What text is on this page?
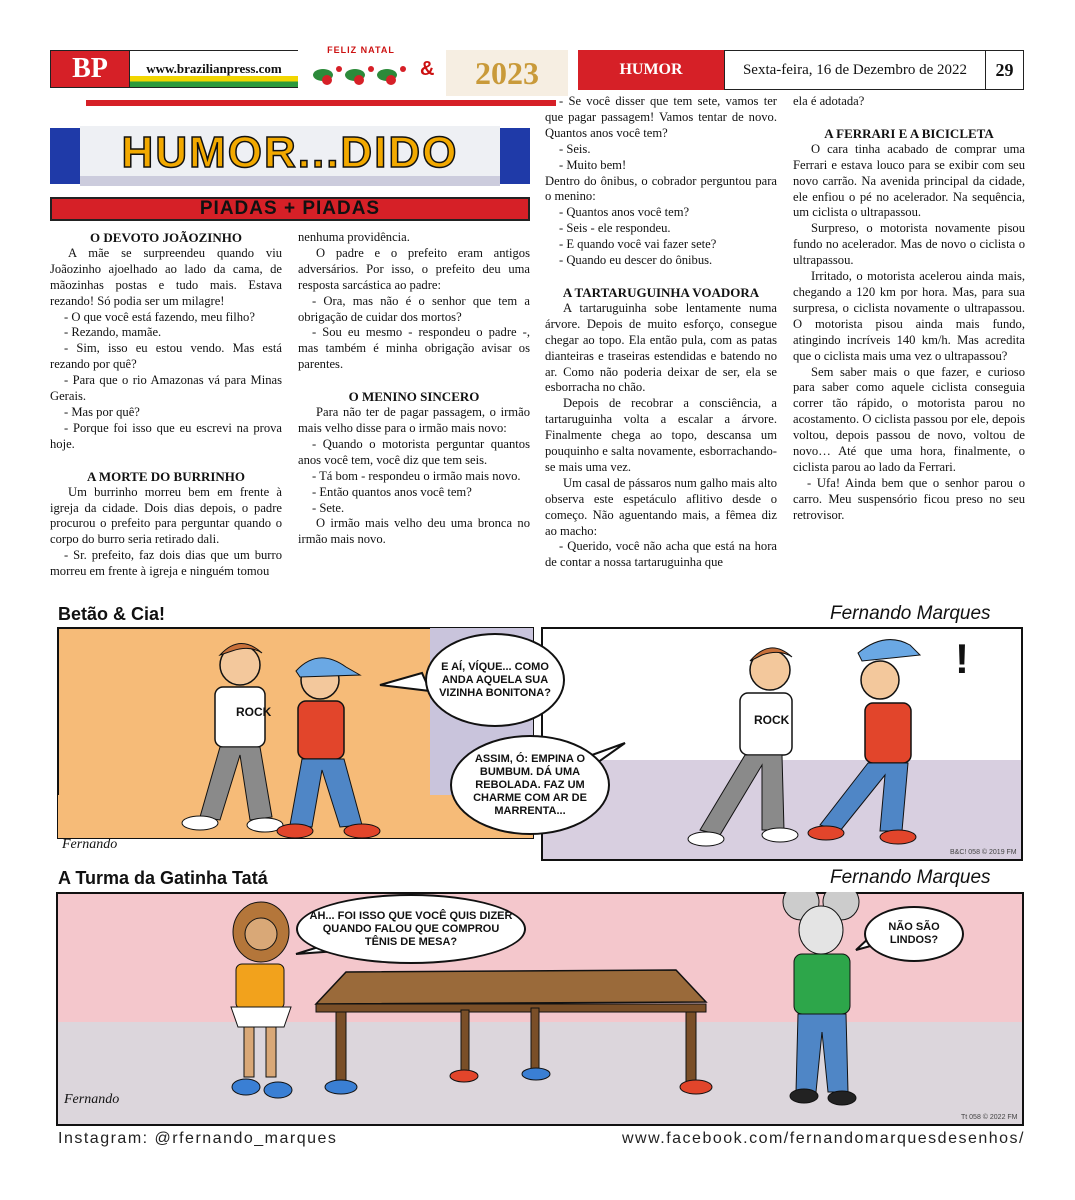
BP	www.brazilianpress.com
FELIZ NATAL
& 2023	HUMOR	Sexta-feira, 16 de Dezembro de 2022 29
HUMOR...DIDO
PIADAS + PIADAS
O DEVOTO JOÃOZINHO

A mãe se surpreendeu quando viu Joãozinho ajoelhado ao lado da cama, de mãozinhas postas e tudo mais. Estava rezando! Só podia ser um milagre!

- O que você está fazendo, meu filho?

- Rezando, mamãe.

- Sim, isso eu estou vendo. Mas está rezando por quê?

- Para que o rio Amazonas vá para Minas Gerais.

- Mas por quê?

- Porque foi isso que eu escrevi na prova hoje.

A MORTE DO BURRINHO

Um burrinho morreu bem em frente à igreja da cidade. Dois dias depois, o padre procurou o prefeito para perguntar quando o corpo do burro seria retirado dali.

- Sr. prefeito, faz dois dias que um burro morreu em frente à igreja e ninguém tomou

nenhuma providência.

O padre e o prefeito eram antigos adversários. Por isso, o prefeito deu uma resposta sarcástica ao padre:

- Ora, mas não é o senhor que tem a obrigação de cuidar dos mortos?

- Sou eu mesmo - respondeu o padre -, mas também é minha obrigação avisar os parentes.

O MENINO SINCERO

Para não ter de pagar passagem, o irmão mais velho disse para o irmão mais novo:

- Quando o motorista perguntar quantos anos você tem, você diz que tem seis.

- Tá bom - respondeu o irmão mais novo.

- Então quantos anos você tem?

- Sete.

O irmão mais velho deu uma bronca no irmão mais novo.

- Se você disser que tem sete, vamos ter que pagar passagem! Vamos tentar de novo. Quantos anos você tem?

- Seis.

- Muito bem!

Dentro do ônibus, o cobrador perguntou para o menino:

- Quantos anos você tem?

- Seis - ele respondeu.

- E quando você vai fazer sete?

- Quando eu descer do ônibus.

A TARTARUGUINHA VOADORA

A tartaruguinha sobe lentamente numa árvore. Depois de muito esforço, consegue chegar ao topo. Ela então pula, com as patas dianteiras e traseiras estendidas e batendo no ar. Como não poderia deixar de ser, ela se esborracha no chão.

Depois de recobrar a consciência, a tartaruguinha volta a escalar a árvore. Finalmente chega ao topo, descansa um pouquinho e salta novamente, esborrachando-se mais uma vez.

Um casal de pássaros num galho mais alto observa este espetáculo aflitivo desde o começo. Não aguentando mais, a fêmea diz ao macho:

- Querido, você não acha que está na hora de contar a nossa tartaruguinha que

ela é adotada?

A FERRARI E A BICICLETA

O cara tinha acabado de comprar uma Ferrari e estava louco para se exibir com seu novo carrão. Na avenida principal da cidade, ele enfiou o pé no acelerador. Na sequência, um ciclista o ultrapassou.

Surpreso, o motorista novamente pisou fundo no acelerador. Mas de novo o ciclista o ultrapassou.

Irritado, o motorista acelerou ainda mais, chegando a 120 km por hora. Mas, para sua surpresa, o ciclista novamente o ultrapassou. O motorista pisou ainda mais fundo, atingindo incríveis 140 km/h. Mas acredita que o ciclista mais uma vez o ultrapassou?

Sem saber mais o que fazer, e curioso para saber como aquele ciclista conseguia correr tão rápido, o motorista parou no acostamento. O ciclista passou por ele, depois voltou, depois passou de novo, voltou de novo… Até que uma hora, finalmente, o ciclista parou ao lado da Ferrari.

- Ufa! Ainda bem que o senhor parou o carro. Meu suspensório ficou preso no seu retrovisor.

Betão & Cia!	Fernando Marques
ROCK
ROCK
!
E AÍ, VÍQUE... COMO ANDA AQUELA SUA VIZINHA BONITONA?
ASSIM, Ó: EMPINA O BUMBUM. DÁ UMA REBOLADA. FAZ UM CHARME COM AR DE MARRENTA...
Fernando
B&C! 058 © 2019 FM
A Turma da Gatinha Tatá	Fernando Marques
AH... FOI ISSO QUE VOCÊ QUIS DIZER QUANDO FALOU QUE COMPROU TÊNIS DE MESA?
NÃO SÃO LINDOS?
Fernando
Tt 058 © 2022 FM
Instagram: @rfernando_marques	www.facebook.com/fernandomarquesdesenhos/
